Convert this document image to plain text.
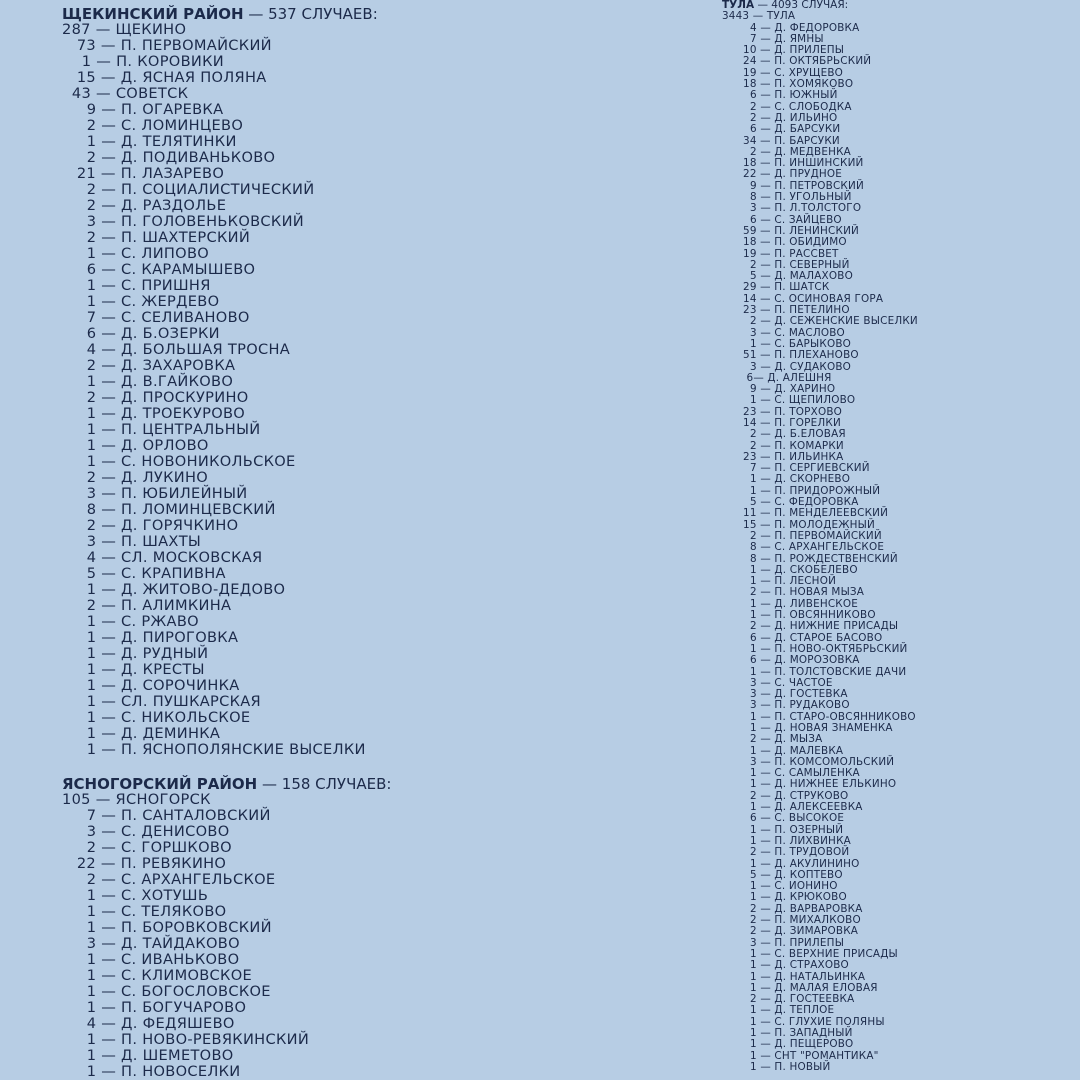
ЩЕКИНСКИЙ РАЙОН — 537 СЛУЧАЕВ:
287 — ЩЕКИНО
73 — П. ПЕРВОМАЙСКИЙ
1 — П. КОРОВИКИ
15 — Д. ЯСНАЯ ПОЛЯНА
43 — СОВЕТСК
9 — П. ОГАРЕВКА
2 — С. ЛОМИНЦЕВО
1 — Д. ТЕЛЯТИНКИ
2 — Д. ПОДИВАНЬКОВО
21 — П. ЛАЗАРЕВО
2 — П. СОЦИАЛИСТИЧЕСКИЙ
2 — Д. РАЗДОЛЬЕ
3 — П. ГОЛОВЕНЬКОВСКИЙ
2 — П. ШАХТЕРСКИЙ
1 — С. ЛИПОВО
6 — С. КАРАМЫШЕВО
1 — С. ПРИШНЯ
1 — С. ЖЕРДЕВО
7 — С. СЕЛИВАНОВО
6 — Д. Б.ОЗЕРКИ
4 — Д. БОЛЬШАЯ ТРОСНА
2 — Д. ЗАХАРОВКА
1 — Д. В.ГАЙКОВО
2 — Д. ПРОСКУРИНО
1 — Д. ТРОЕКУРОВО
1 — П. ЦЕНТРАЛЬНЫЙ
1 — Д. ОРЛОВО
1 — С. НОВОНИКОЛЬСКОЕ
2 — Д. ЛУКИНО
3 — П. ЮБИЛЕЙНЫЙ
8 — П. ЛОМИНЦЕВСКИЙ
2 — Д. ГОРЯЧКИНО
3 — П. ШАХТЫ
4 — СЛ. МОСКОВСКАЯ
5 — С. КРАПИВНА
1 — Д. ЖИТОВО-ДЕДОВО
2 — П. АЛИМКИНА
1 — С. РЖАВО
1 — Д. ПИРОГОВКА
1 — Д. РУДНЫЙ
1 — Д. КРЕСТЫ
1 — Д. СОРОЧИНКА
1 — СЛ. ПУШКАРСКАЯ
1 — С. НИКОЛЬСКОЕ
1 — Д. ДЕМИНКА
1 — П. ЯСНОПОЛЯНСКИЕ ВЫСЕЛКИ
ЯСНОГОРСКИЙ РАЙОН — 158 СЛУЧАЕВ:
105 — ЯСНОГОРСК
7 — П. САНТАЛОВСКИЙ
3 — С. ДЕНИСОВО
2 — С. ГОРШКОВО
22 — П. РЕВЯКИНО
2 — С. АРХАНГЕЛЬСКОЕ
1 — С. ХОТУШЬ
1 — С. ТЕЛЯКОВО
1 — П. БОРОВКОВСКИЙ
3 — Д. ТАЙДАКОВО
1 — С. ИВАНЬКОВО
1 — С. КЛИМОВСКОЕ
1 — С. БОГОСЛОВСКОЕ
1 — П. БОГУЧАРОВО
4 — Д. ФЕДЯШЕВО
1 — П. НОВО-РЕВЯКИНСКИЙ
1 — Д. ШЕМЕТОВО
1 — П. НОВОСЕЛКИ
ТУЛА — 4093 СЛУЧАЯ:
3443 — ТУЛА
4 — Д. ФЕДОРОВКА
7 — Д. ЯМНЫ
10 — Д. ПРИЛЕПЫ
24 — П. ОКТЯБРЬСКИЙ
19 — С. ХРУЩЕВО
18 — П. ХОМЯКОВО
6 — П. ЮЖНЫЙ
2 — С. СЛОБОДКА
2 — Д. ИЛЬИНО
6 — Д. БАРСУКИ
34 — П. БАРСУКИ
2 — Д. МЕДВЕНКА
18 — П. ИНШИНСКИЙ
22 — Д. ПРУДНОЕ
9 — П. ПЕТРОВСКИЙ
8 — П. УГОЛЬНЫЙ
3 — П. Л.ТОЛСТОГО
6 — С. ЗАЙЦЕВО
59 — П. ЛЕНИНСКИЙ
18 — П. ОБИДИМО
19 — П. РАССВЕТ
2 — П. СЕВЕРНЫЙ
5 — Д. МАЛАХОВО
29 — П. ШАТСК
14 — С. ОСИНОВАЯ ГОРА
23 — П. ПЕТЕЛИНО
2 — Д. СЕЖЕНСКИЕ ВЫСЕЛКИ
3 — С. МАСЛОВО
1 — С. БАРЫКОВО
51 — П. ПЛЕХАНОВО
3 — Д. СУДАКОВО
6— Д. АЛЕШНЯ
9 — Д. ХАРИНО
1 — С. ЩЕПИЛОВО
23 — П. ТОРХОВО
14 — П. ГОРЕЛКИ
2 — Д. Б.ЕЛОВАЯ
2 — П. КОМАРКИ
23 — П. ИЛЬИНКА
7 — П. СЕРГИЕВСКИЙ
1 — Д. СКОРНЕВО
1 — П. ПРИДОРОЖНЫЙ
5 — С. ФЕДОРОВКА
11 — П. МЕНДЕЛЕЕВСКИЙ
15 — П. МОЛОДЕЖНЫЙ
2 — П. ПЕРВОМАЙСКИЙ
8 — С. АРХАНГЕЛЬСКОЕ
8 — П. РОЖДЕСТВЕНСКИЙ
1 — Д. СКОБЕЛЕВО
1 — П. ЛЕСНОЙ
2 — П. НОВАЯ МЫЗА
1 — Д. ЛИВЕНСКОЕ
1 — П. ОВСЯННИКОВО
2 — Д. НИЖНИЕ ПРИСАДЫ
6 — Д. СТАРОЕ БАСОВО
1 — П. НОВО-ОКТЯБРЬСКИЙ
6 — Д. МОРОЗОВКА
1 — П. ТОЛСТОВСКИЕ ДАЧИ
3 — С. ЧАСТОЕ
3 — Д. ГОСТЕВКА
3 — П. РУДАКОВО
1 — П. СТАРО-ОВСЯННИКОВО
1 — Д. НОВАЯ ЗНАМЕНКА
2 — Д. МЫЗА
1 — Д. МАЛЕВКА
3 — П. КОМСОМОЛЬСКИЙ
1 — С. САМЫЛЕНКА
1 — Д. НИЖНЕЕ ЕЛЬКИНО
2 — Д. СТРУКОВО
1 — Д. АЛЕКСЕЕВКА
6 — С. ВЫСОКОЕ
1 — П. ОЗЕРНЫЙ
1 — П. ЛИХВИНКА
2 — П. ТРУДОВОЙ
1 — Д. АКУЛИНИНО
5 — Д. КОПТЕВО
1 — С. ИОНИНО
1 — Д. КРЮКОВО
2 — Д. ВАРВАРОВКА
2 — П. МИХАЛКОВО
2 — Д. ЗИМАРОВКА
3 — П. ПРИЛЕПЫ
1 — С. ВЕРХНИЕ ПРИСАДЫ
1 — Д. СТРАХОВО
1 — Д. НАТАЛЬИНКА
1 — Д. МАЛАЯ ЕЛОВАЯ
2 — Д. ГОСТЕЕВКА
1 — Д. ТЕПЛОЕ
1 — С. ГЛУХИЕ ПОЛЯНЫ
1 — П. ЗАПАДНЫЙ
1 — Д. ПЕЩЕРОВО
1 — СНТ "РОМАНТИКА"
1 — П. НОВЫЙ
